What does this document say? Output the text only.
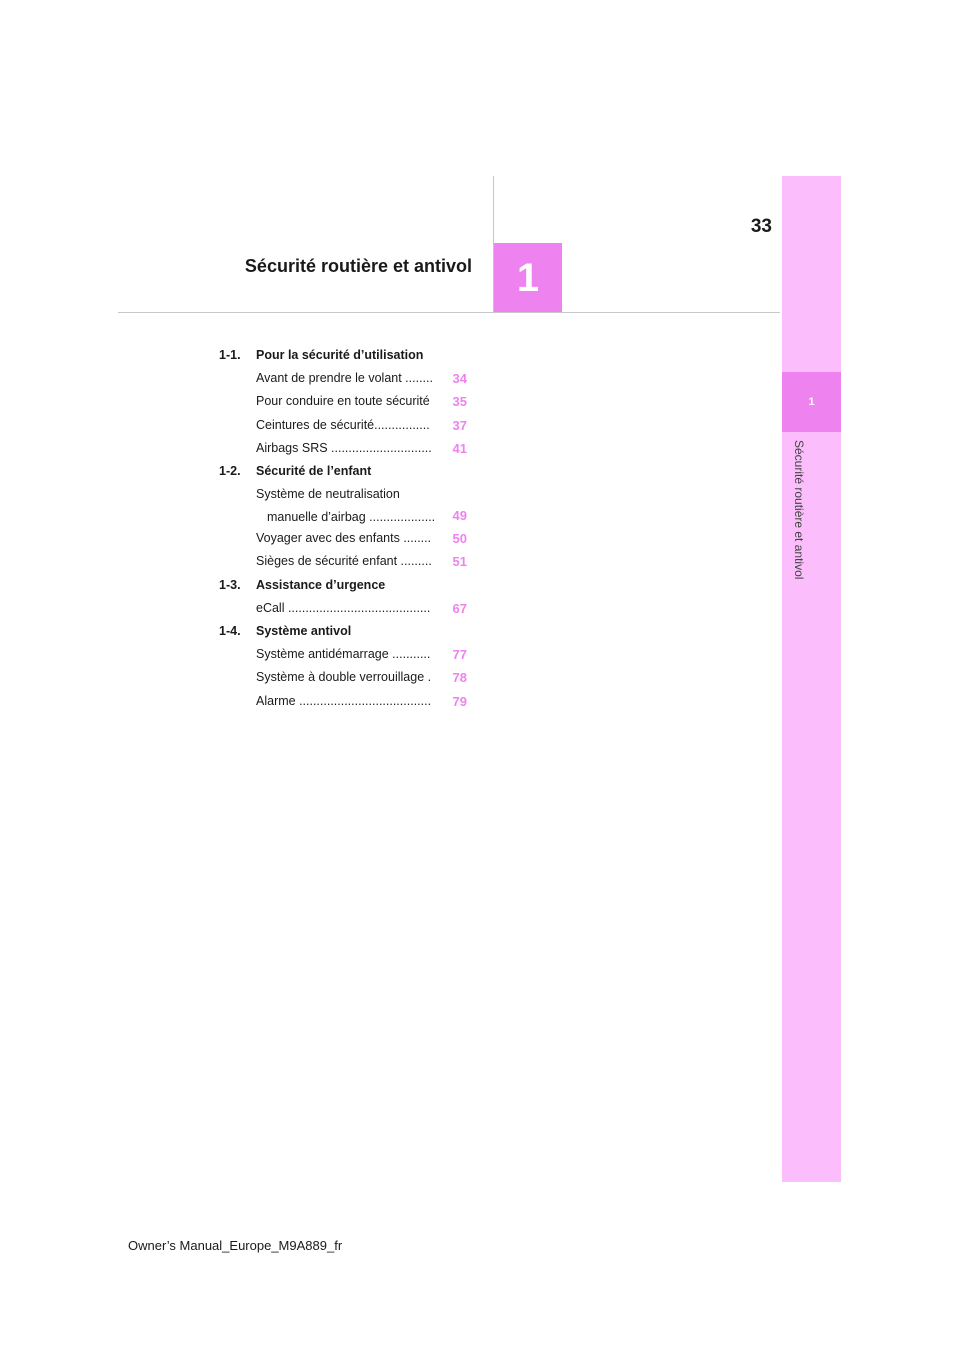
33
Sécurité routière et antivol	1
1
Sécurité routière et antivol
1-1. Pour la sécurité d’utilisation
Avant de prendre le volant ........ 34
Pour conduire en toute sécurité 35
Ceintures de sécurité................ 37
Airbags SRS ............................. 41
1-2. Sécurité de l’enfant
Système de neutralisation
manuelle d’airbag ...................	49
Voyager avec des enfants ........ 50
Sièges de sécurité enfant ......... 51
1-3. Assistance d’urgence
eCall ......................................... 67
1-4. Système antivol
Système antidémarrage ........... 77
Système à double verrouillage . 78
Alarme ...................................... 79
Owner’s Manual_Europe_M9A889_fr
